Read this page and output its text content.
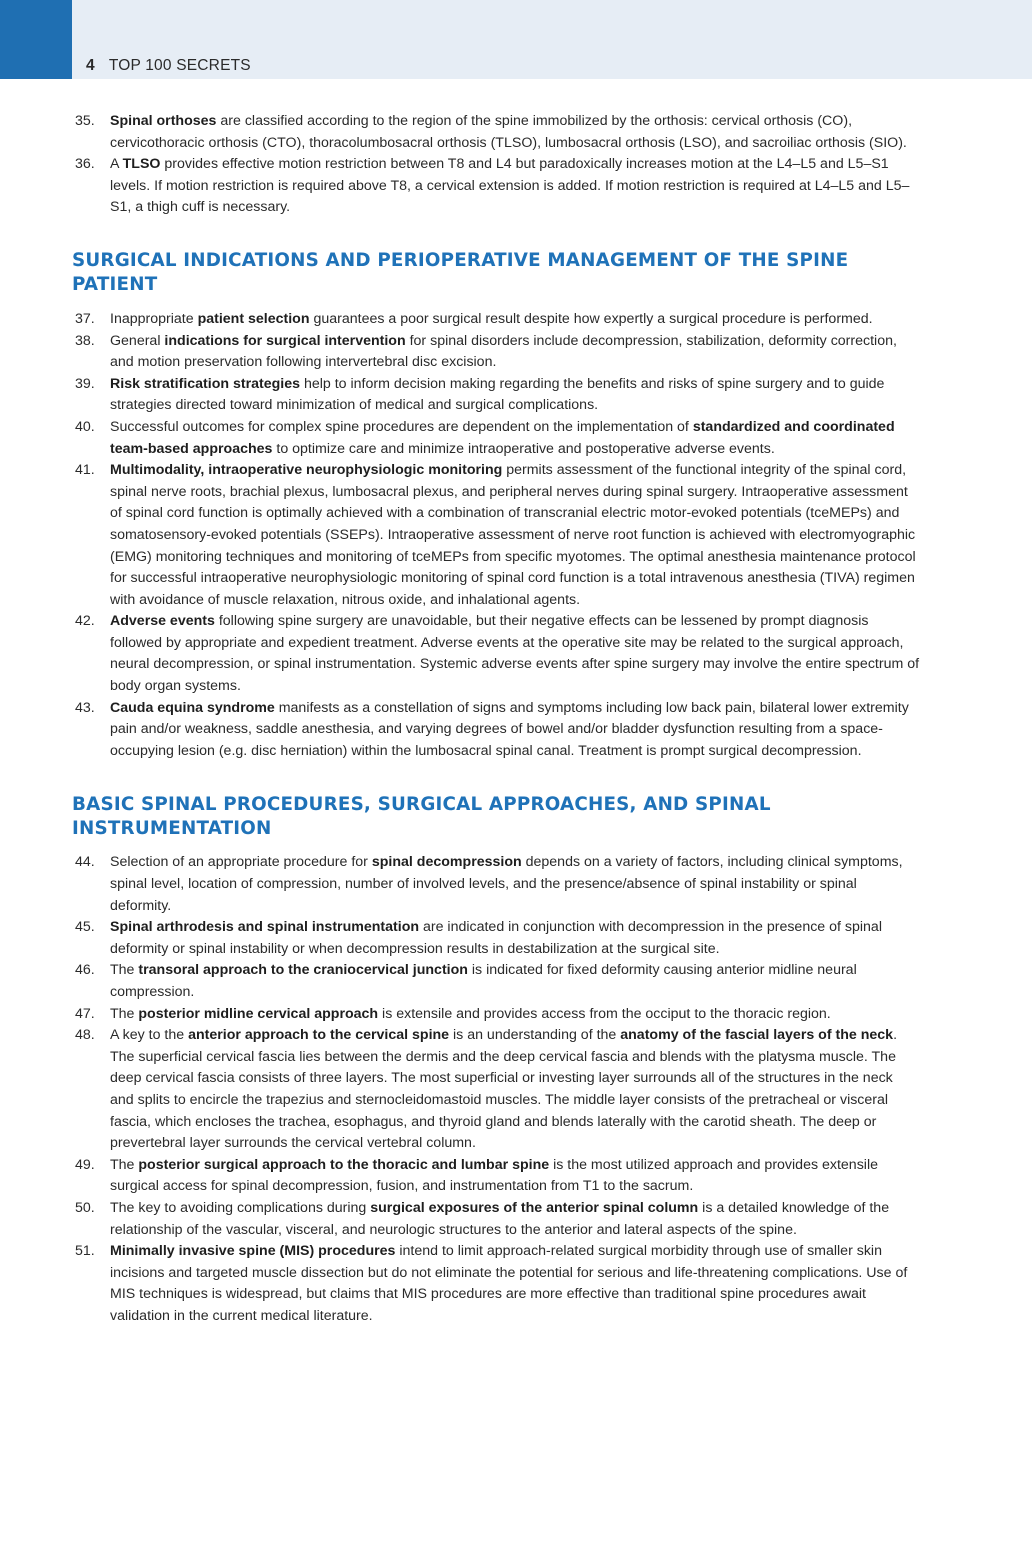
4 TOP 100 SECRETS
35. Spinal orthoses are classified according to the region of the spine immobilized by the orthosis: cervical orthosis (CO), cervicothoracic orthosis (CTO), thoracolumbosacral orthosis (TLSO), lumbosacral orthosis (LSO), and sacroiliac orthosis (SIO).
36. A TLSO provides effective motion restriction between T8 and L4 but paradoxically increases motion at the L4–L5 and L5–S1 levels. If motion restriction is required above T8, a cervical extension is added. If motion restriction is required at L4–L5 and L5–S1, a thigh cuff is necessary.
SURGICAL INDICATIONS AND PERIOPERATIVE MANAGEMENT OF THE SPINE PATIENT
37. Inappropriate patient selection guarantees a poor surgical result despite how expertly a surgical procedure is performed.
38. General indications for surgical intervention for spinal disorders include decompression, stabilization, deformity correction, and motion preservation following intervertebral disc excision.
39. Risk stratification strategies help to inform decision making regarding the benefits and risks of spine surgery and to guide strategies directed toward minimization of medical and surgical complications.
40. Successful outcomes for complex spine procedures are dependent on the implementation of standardized and coordinated team-based approaches to optimize care and minimize intraoperative and postoperative adverse events.
41. Multimodality, intraoperative neurophysiologic monitoring permits assessment of the functional integrity of the spinal cord, spinal nerve roots, brachial plexus, lumbosacral plexus, and peripheral nerves during spinal surgery. Intraoperative assessment of spinal cord function is optimally achieved with a combination of transcranial electric motor-evoked potentials (tceMEPs) and somatosensory-evoked potentials (SSEPs). Intraoperative assessment of nerve root function is achieved with electromyographic (EMG) monitoring techniques and monitoring of tceMEPs from specific myotomes. The optimal anesthesia maintenance protocol for successful intraoperative neurophysiologic monitoring of spinal cord function is a total intravenous anesthesia (TIVA) regimen with avoidance of muscle relaxation, nitrous oxide, and inhalational agents.
42. Adverse events following spine surgery are unavoidable, but their negative effects can be lessened by prompt diagnosis followed by appropriate and expedient treatment. Adverse events at the operative site may be related to the surgical approach, neural decompression, or spinal instrumentation. Systemic adverse events after spine surgery may involve the entire spectrum of body organ systems.
43. Cauda equina syndrome manifests as a constellation of signs and symptoms including low back pain, bilateral lower extremity pain and/or weakness, saddle anesthesia, and varying degrees of bowel and/or bladder dysfunction resulting from a space-occupying lesion (e.g. disc herniation) within the lumbosacral spinal canal. Treatment is prompt surgical decompression.
BASIC SPINAL PROCEDURES, SURGICAL APPROACHES, AND SPINAL INSTRUMENTATION
44. Selection of an appropriate procedure for spinal decompression depends on a variety of factors, including clinical symptoms, spinal level, location of compression, number of involved levels, and the presence/absence of spinal instability or spinal deformity.
45. Spinal arthrodesis and spinal instrumentation are indicated in conjunction with decompression in the presence of spinal deformity or spinal instability or when decompression results in destabilization at the surgical site.
46. The transoral approach to the craniocervical junction is indicated for fixed deformity causing anterior midline neural compression.
47. The posterior midline cervical approach is extensile and provides access from the occiput to the thoracic region.
48. A key to the anterior approach to the cervical spine is an understanding of the anatomy of the fascial layers of the neck. The superficial cervical fascia lies between the dermis and the deep cervical fascia and blends with the platysma muscle. The deep cervical fascia consists of three layers. The most superficial or investing layer surrounds all of the structures in the neck and splits to encircle the trapezius and sternocleidomastoid muscles. The middle layer consists of the pretracheal or visceral fascia, which encloses the trachea, esophagus, and thyroid gland and blends laterally with the carotid sheath. The deep or prevertebral layer surrounds the cervical vertebral column.
49. The posterior surgical approach to the thoracic and lumbar spine is the most utilized approach and provides extensile surgical access for spinal decompression, fusion, and instrumentation from T1 to the sacrum.
50. The key to avoiding complications during surgical exposures of the anterior spinal column is a detailed knowledge of the relationship of the vascular, visceral, and neurologic structures to the anterior and lateral aspects of the spine.
51. Minimally invasive spine (MIS) procedures intend to limit approach-related surgical morbidity through use of smaller skin incisions and targeted muscle dissection but do not eliminate the potential for serious and life-threatening complications. Use of MIS techniques is widespread, but claims that MIS procedures are more effective than traditional spine procedures await validation in the current medical literature.
